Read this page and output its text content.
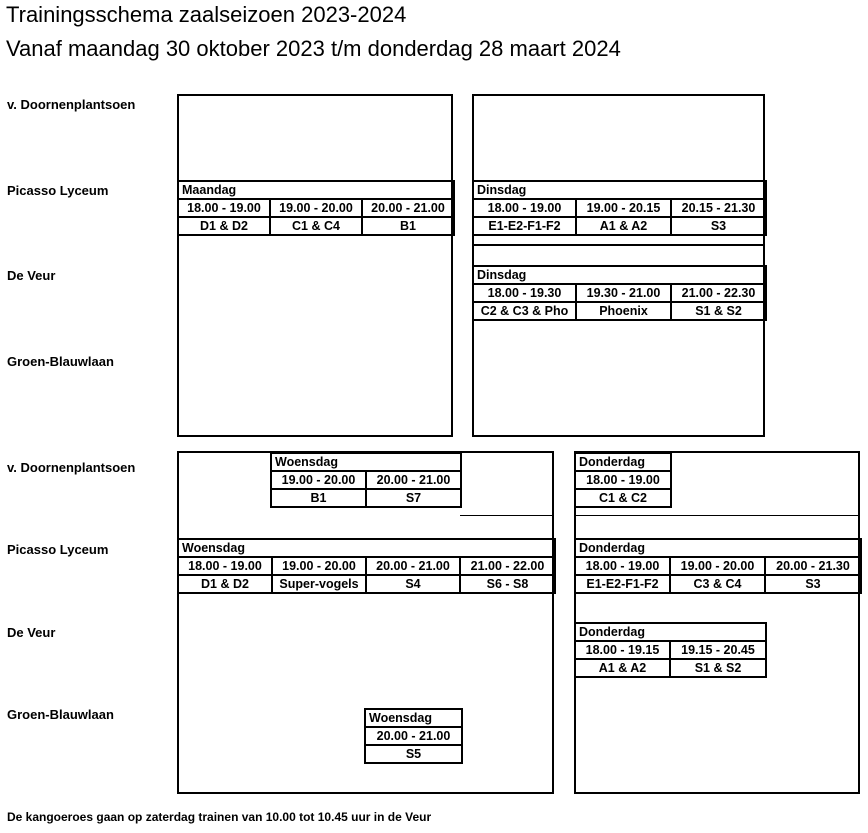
Trainingsschema zaalseizoen 2023-2024
Vanaf maandag 30 oktober 2023 t/m donderdag 28 maart 2024
v. Doornenplantsoen
Picasso Lyceum
De Veur
Groen-Blauwlaan
v. Doornenplantsoen
Picasso Lyceum
De Veur
Groen-Blauwlaan
Maandag		
18.00 - 19.00	19.00 - 20.00	20.00 - 21.00
D1 & D2	C1 & C4	B1
Dinsdag		
18.00 - 19.00	19.00 - 20.15	20.15 - 21.30
E1-E2-F1-F2	A1 & A2	S3
Dinsdag		
18.00 - 19.30	19.30 - 21.00	21.00 - 22.30
C2 & C3 & Pho	Phoenix	S1 & S2
Woensdag	
19.00 - 20.00	20.00 - 21.00
B1	S7
Woensdag			
18.00 - 19.00	19.00 - 20.00	20.00 - 21.00	21.00 - 22.00
D1 & D2	Super-vogels	S4	S6 - S8
Woensdag
20.00 - 21.00
S5
Donderdag
18.00 - 19.00
C1 & C2
Donderdag		
18.00 - 19.00	19.00 - 20.00	20.00 - 21.30
E1-E2-F1-F2	C3 & C4	S3
Donderdag	
18.00 - 19.15	19.15 - 20.45
A1 & A2	S1 & S2
De kangoeroes gaan op zaterdag trainen van 10.00 tot 10.45 uur in de Veur
